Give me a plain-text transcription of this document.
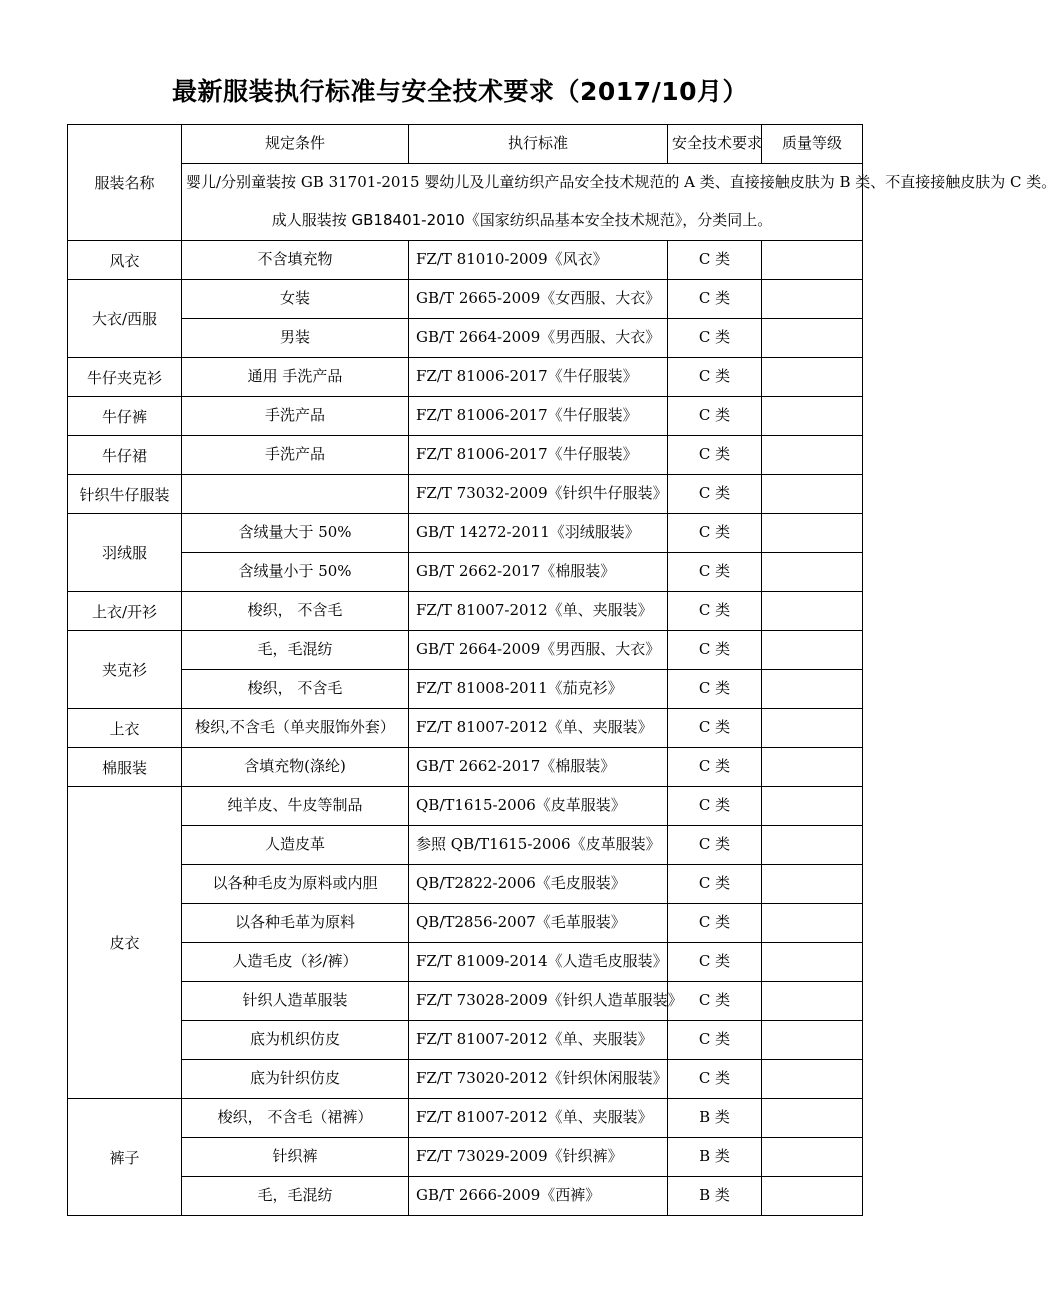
最新服装执行标准与安全技术要求（2017/10月）
服装名称	规定条件	执行标准	安全技术要求	质量等级
	婴儿/分别童装按 GB 31701-2015 婴幼儿及儿童纺织产品安全技术规范的 A 类、直接接触皮肤为 B 类、不直接接触皮肤为 C 类。			
	成人服装按 GB18401-2010《国家纺织品基本安全技术规范》，分类同上。			
风衣	不含填充物	FZ/T 81010-2009《风衣》	C 类	
大衣/西服	女装	GB/T 2665-2009《女西服、大衣》	C 类	
	男装	GB/T 2664-2009《男西服、大衣》	C 类	
牛仔夹克衫	通用 手洗产品	FZ/T 81006-2017《牛仔服装》	C 类	
牛仔裤	手洗产品	FZ/T 81006-2017《牛仔服装》	C 类	
牛仔裙	手洗产品	FZ/T 81006-2017《牛仔服装》	C 类	
针织牛仔服装		FZ/T 73032-2009《针织牛仔服装》	C 类	
羽绒服	含绒量大于 50%	GB/T 14272-2011《羽绒服装》	C 类	
	含绒量小于 50%	GB/T 2662-2017《棉服装》	C 类	
上衣/开衫	梭织， 不含毛	FZ/T 81007-2012《单、夹服装》	C 类	
夹克衫	毛，毛混纺	GB/T 2664-2009《男西服、大衣》	C 类	
	梭织， 不含毛	FZ/T 81008-2011《茄克衫》	C 类	
上衣	梭织,不含毛（单夹服饰外套）	FZ/T 81007-2012《单、夹服装》	C 类	
棉服装	含填充物(涤纶)	GB/T 2662-2017《棉服装》	C 类	
皮衣	纯羊皮、牛皮等制品	QB/T1615-2006《皮革服装》	C 类	
	人造皮革	参照 QB/T1615-2006《皮革服装》	C 类	
	以各种毛皮为原料或内胆	QB/T2822-2006《毛皮服装》	C 类	
	以各种毛革为原料	QB/T2856-2007《毛革服装》	C 类	
	人造毛皮（衫/裤）	FZ/T 81009-2014《人造毛皮服装》	C 类	
	针织人造革服装	FZ/T 73028-2009《针织人造革服装》	C 类	
	底为机织仿皮	FZ/T 81007-2012《单、夹服装》	C 类	
	底为针织仿皮	FZ/T 73020-2012《针织休闲服装》	C 类	
裤子	梭织， 不含毛（裙裤）	FZ/T 81007-2012《单、夹服装》	B 类	
	针织裤	FZ/T 73029-2009《针织裤》	B 类	
	毛，毛混纺	GB/T 2666-2009《西裤》	B 类	
